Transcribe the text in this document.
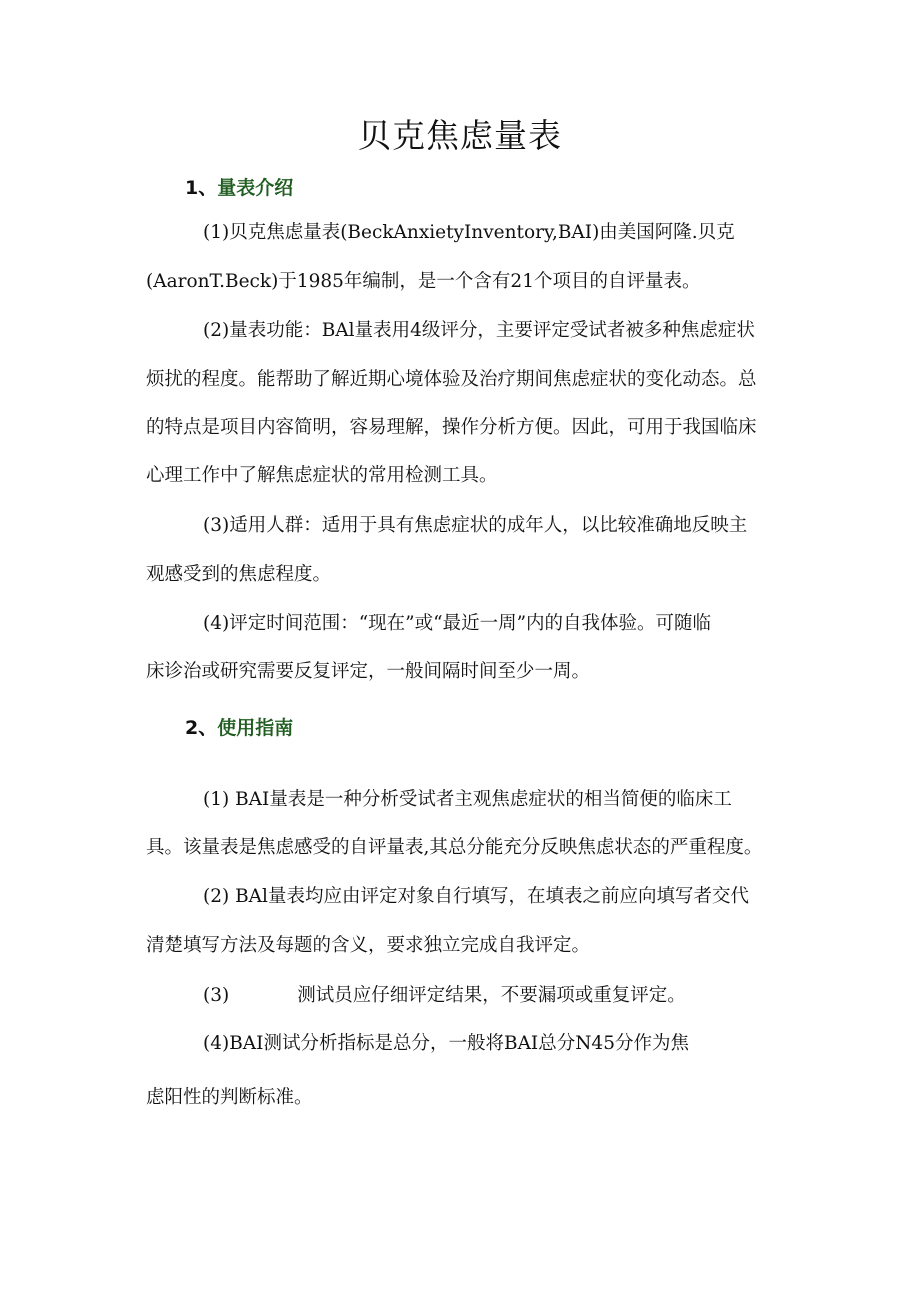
贝克焦虑量表
1、量表介绍
(1)贝克焦虑量表(BeckAnxietyInventory,BAI)由美国阿隆.贝克
(AaronT.Beck)于1985年编制，是一个含有21个项目的自评量表。
(2)量表功能：BAl量表用4级评分，主要评定受试者被多种焦虑症状
烦扰的程度。能帮助了解近期心境体验及治疗期间焦虑症状的变化动态。总
的特点是项目内容简明，容易理解，操作分析方便。因此，可用于我国临床
心理工作中了解焦虑症状的常用检测工具。
(3)适用人群：适用于具有焦虑症状的成年人，以比较准确地反映主
观感受到的焦虑程度。
(4)评定时间范围：“现在”或“最近一周”内的自我体验。可随临
床诊治或研究需要反复评定，一般间隔时间至少一周。
2、使用指南
(1) BAI量表是一种分析受试者主观焦虑症状的相当简便的临床工
具。该量表是焦虑感受的自评量表,其总分能充分反映焦虑状态的严重程度。
(2) BAl量表均应由评定对象自行填写，在填表之前应向填写者交代
清楚填写方法及每题的含义，要求独立完成自我评定。
(3)	测试员应仔细评定结果，不要漏项或重复评定。
(4)BAI测试分析指标是总分，一般将BAI总分N45分作为焦
虑阳性的判断标准。
